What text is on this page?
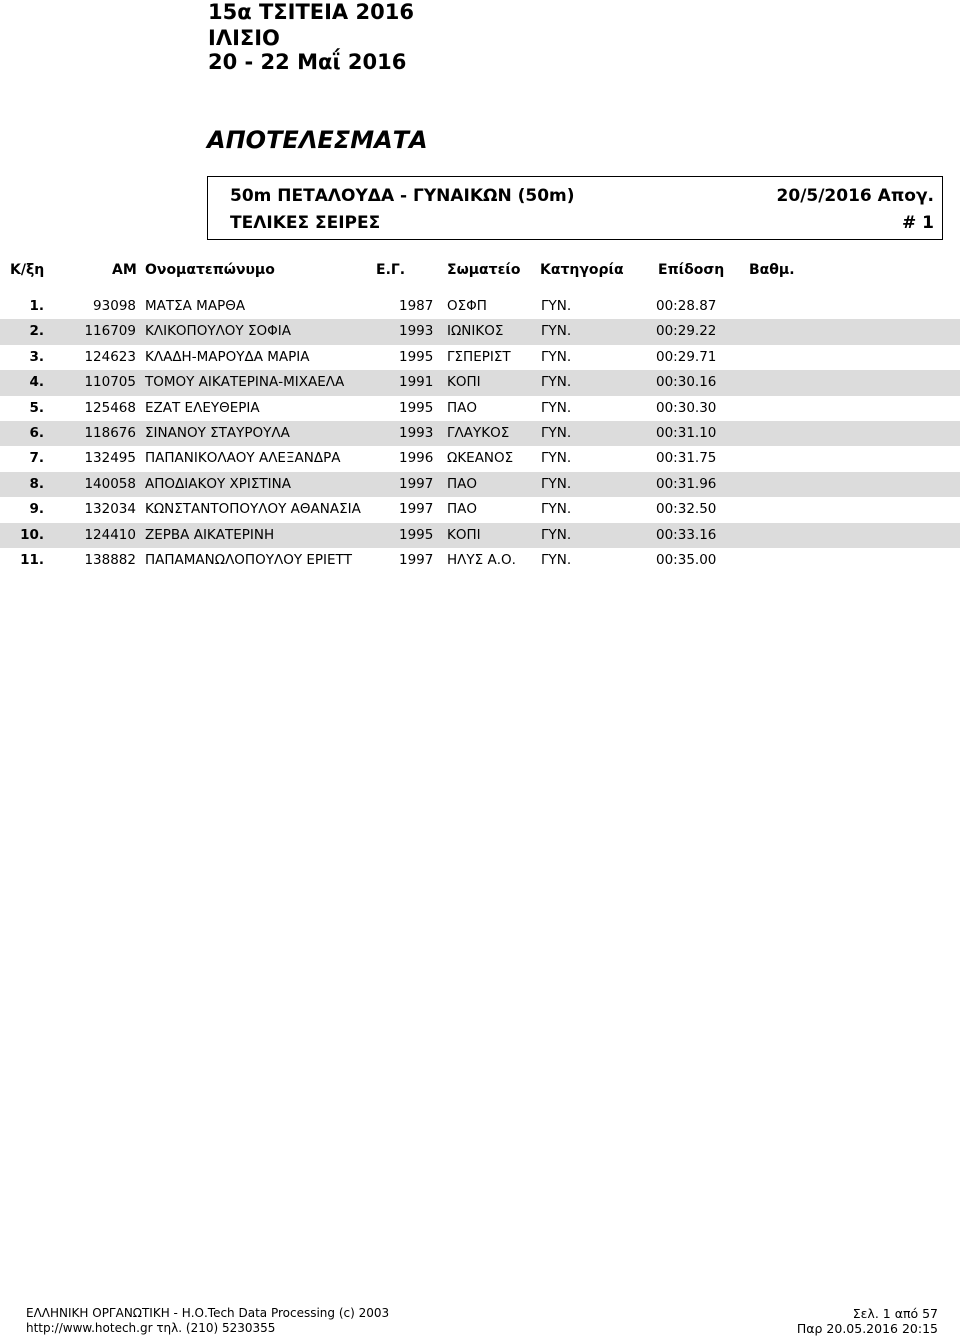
15α ΤΣΙΤΕΙΑ 2016
ΙΛΙΣΙΟ
20 - 22 Μαΐ 2016
ΑΠΟΤΕΛΕΣΜΑΤΑ
50m ΠΕΤΑΛΟΥΔΑ - ΓΥΝΑΙΚΩΝ (50m)	20/5/2016 Απογ.
ΤΕΛΙΚΕΣ ΣΕΙΡΕΣ	# 1
Κ/ξη	ΑΜ Ονοματεπώνυμο	Ε.Γ.	Σωματείο Κατηγορία Επίδοση Βαθμ.
1.	93098 ΜΑΤΣΑ ΜΑΡΘΑ	1987 ΟΣΦΠ	ΓΥΝ.	00:28.87
2.	116709 ΚΛΙΚΟΠΟΥΛΟΥ ΣΟΦΙΑ	1993 ΙΩΝΙΚΟΣ	ΓΥΝ.	00:29.22
3.	124623 ΚΛΑΔΗ-ΜΑΡΟΥΔΑ ΜΑΡΙΑ	1995 ΓΣΠΕΡΙΣΤ ΓΥΝ.	00:29.71
4.	110705 ΤΟΜΟΥ ΑΙΚΑΤΕΡΙΝΑ-ΜΙΧΑΕΛΑ	1991 ΚΟΠΙ	ΓΥΝ.	00:30.16
5.	125468 ΕΖΑΤ ΕΛΕΥΘΕΡΙΑ	1995 ΠΑΟ	ΓΥΝ.	00:30.30
6.	118676 ΣΙΝΑΝΟΥ ΣΤΑΥΡΟΥΛΑ	1993 ΓΛΑΥΚΟΣ ΓΥΝ.	00:31.10
7.	132495 ΠΑΠΑΝΙΚΟΛΑΟΥ ΑΛΕΞΑΝΔΡΑ	1996 ΩΚΕΑΝΟΣ ΓΥΝ.	00:31.75
8.	140058 ΑΠΟΔΙΑΚΟΥ ΧΡΙΣΤΙΝΑ	1997 ΠΑΟ	ΓΥΝ.	00:31.96
9.	132034 ΚΩΝΣΤΑΝΤΟΠΟΥΛΟΥ ΑΘΑΝΑΣΙΑ	1997 ΠΑΟ	ΓΥΝ.	00:32.50
10.	124410 ΖΕΡΒΑ ΑΙΚΑΤΕΡΙΝΗ	1995 ΚΟΠΙ	ΓΥΝ.	00:33.16
11.	138882 ΠΑΠΑΜΑΝΩΛΟΠΟΥΛΟΥ ΕΡΙΕΤΤ	1997 ΗΛΥΣ Α.Ο. ΓΥΝ.	00:35.00
ΕΛΛΗΝΙΚΗ ΟΡΓΑΝΩΤΙΚΗ - Η.Ο.Tech Data Processing (c) 2003
http://www.hotech.gr τηλ. (210) 5230355
Σελ. 1 από 57
Παρ 20.05.2016 20:15
